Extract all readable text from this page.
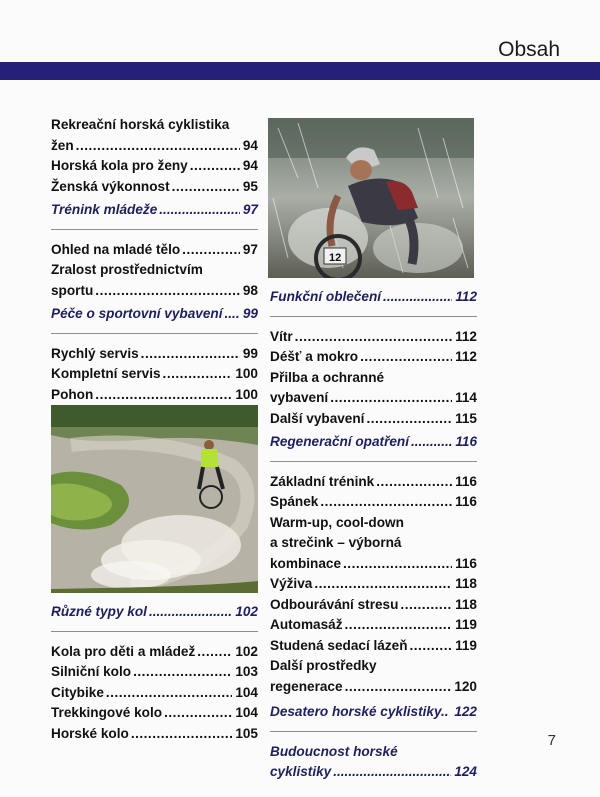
Obsah
Rekreační horská cyklistika
žen .....	94
Horská kola pro ženy .....	94
Ženská výkonnost .....	95
Trénink mládeže .....	97
Ohled na mladé tělo .....	97
Zralost prostřednictvím
sportu .....	98
Péče o sportovní vybavení ..... 99
Rychlý servis .....	99
Kompletní servis .....	100
Pohon .....	100
.....
Různé typy kol .....	102
Kola pro děti a mládež .....	102
Silniční kolo .....	103
Citybike .....	104
Trekkingové kolo .....	104
Horské kolo .....	105
Funkční oblečení .....	112
Vítr .....	112
Déšť a mokro .....	112
Přilba a ochranné
vybavení .....	114
Další vybavení .....	115
Regenerační opatření .....	116
Základní trénink .....	116
Spánek .....	116
Warm-up, cool-down
a strečink – výborná
kombinace .....	116
Výživa .....	118
Odbourávání stresu .....	118
Automasáž .....	119
Studená sedací lázeň .....	119
Další prostředky
regenerace .....	120
Desatero horské cyklistiky.. 122
Budoucnost horské
cyklistiky .....	124
12
7
